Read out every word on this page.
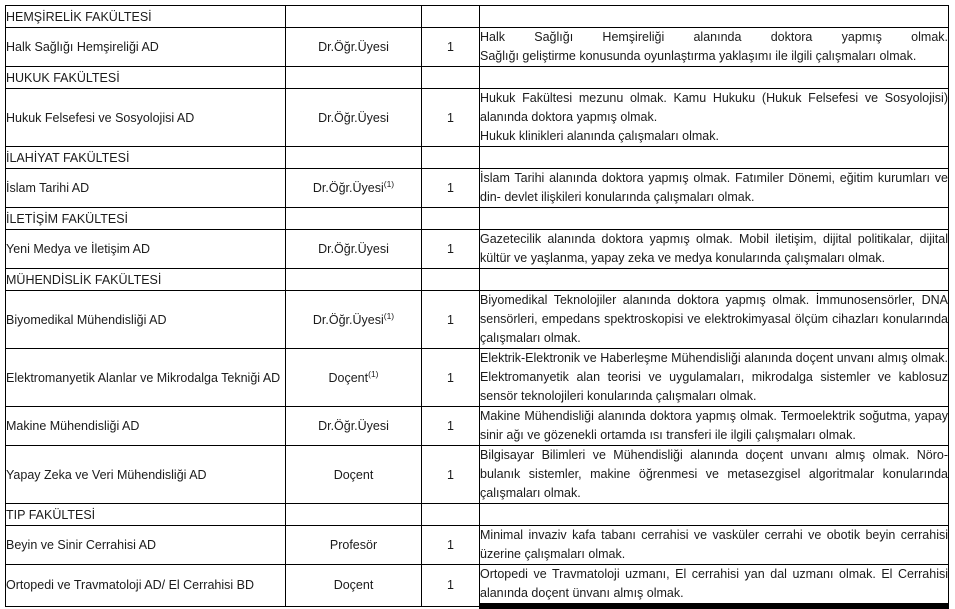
HEMŞİRELİK FAKÜLTESİ			
Halk Sağlığı Hemşireliği AD	Dr.Öğr.Üyesi	1	Halk Sağlığı Hemşireliği alanında doktora yapmış olmak.

Sağlığı geliştirme konusunda oyunlaştırma yaklaşımı ile ilgili çalışmaları olmak.

HUKUK FAKÜLTESİ			
Hukuk Felsefesi ve Sosyolojisi AD	Dr.Öğr.Üyesi	1	Hukuk Fakültesi mezunu olmak. Kamu Hukuku (Hukuk Felsefesi ve Sosyolojisi) alanında doktora yapmış olmak.

Hukuk klinikleri alanında çalışmaları olmak.

İLAHİYAT FAKÜLTESİ			
İslam Tarihi AD	Dr.Öğr.Üyesi$^{(1)}$	1	İslam Tarihi alanında doktora yapmış olmak. Fatımiler Dönemi, eğitim kurumları ve din- devlet ilişkileri konularında çalışmaları olmak.

İLETİŞİM FAKÜLTESİ			
Yeni Medya ve İletişim AD	Dr.Öğr.Üyesi	1	Gazetecilik alanında doktora yapmış olmak. Mobil iletişim, dijital politikalar, dijital kültür ve yaşlanma, yapay zeka ve medya konularında çalışmaları olmak.

MÜHENDİSLİK FAKÜLTESİ			
Biyomedikal Mühendisliği AD	Dr.Öğr.Üyesi$^{(1)}$	1	Biyomedikal Teknolojiler alanında doktora yapmış olmak. İmmunosensörler, DNA sensörleri, empedans spektroskopisi ve elektrokimyasal ölçüm cihazları konularında çalışmaları olmak.

Elektromanyetik Alanlar ve Mikrodalga Tekniği AD	Doçent$^{(1)}$	1	Elektrik-Elektronik ve Haberleşme Mühendisliği alanında doçent unvanı almış olmak. Elektromanyetik alan teorisi ve uygulamaları, mikrodalga sistemler ve kablosuz sensör teknolojileri konularında çalışmaları olmak.

Makine Mühendisliği AD	Dr.Öğr.Üyesi	1	Makine Mühendisliği alanında doktora yapmış olmak. Termoelektrik soğutma, yapay sinir ağı ve gözenekli ortamda ısı transferi ile ilgili çalışmaları olmak.

Yapay Zeka ve Veri Mühendisliği AD	Doçent	1	Bilgisayar Bilimleri ve Mühendisliği alanında doçent unvanı almış olmak. Nöro-bulanık sistemler, makine öğrenmesi ve metasezgisel algoritmalar konularında çalışmaları olmak.

TIP FAKÜLTESİ			
Beyin ve Sinir Cerrahisi AD	Profesör	1	Minimal invaziv kafa tabanı cerrahisi ve vasküler cerrahi ve obotik beyin cerrahisi üzerine çalışmaları olmak.

Ortopedi ve Travmatoloji AD/ El Cerrahisi BD	Doçent	1	Ortopedi ve Travmatoloji uzmanı, El cerrahisi yan dal uzmanı olmak. El Cerrahisi alanında doçent ünvanı almış olmak.
